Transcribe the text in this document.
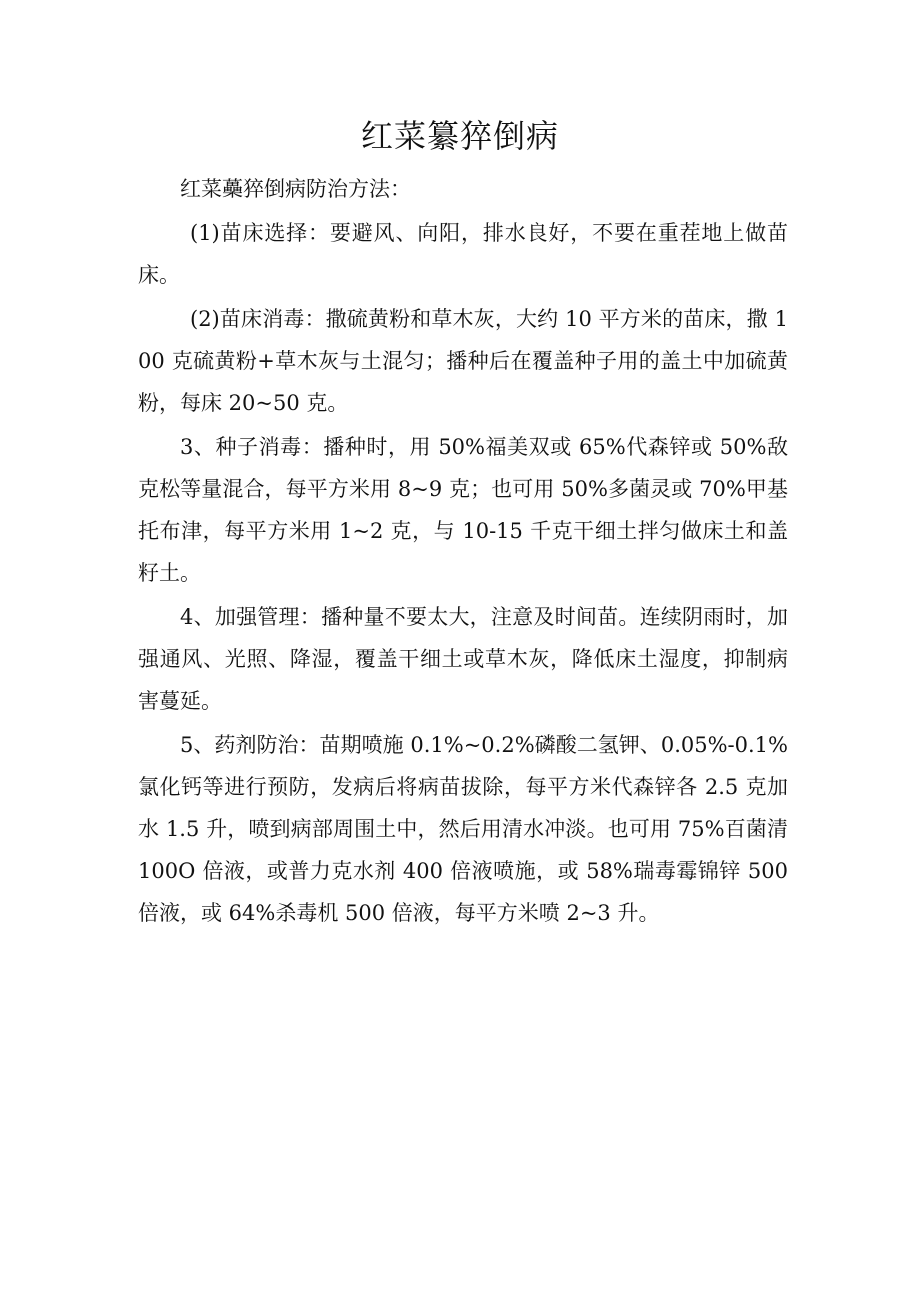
红菜纂猝倒病

红菜蘽猝倒病防治方法：

(1)苗床选择：要避风、向阳，排水良好，不要在重茬地上做苗床。

(2)苗床消毒：撒硫黄粉和草木灰，大约 10 平方米的苗床，撒 100 克硫黄粉+草木灰与土混匀；播种后在覆盖种子用的盖土中加硫黄粉，每床 20~50 克。

3、种子消毒：播种时，用 50%福美双或 65%代森锌或 50%敌克松等量混合，每平方米用 8~9 克；也可用 50%多菌灵或 70%甲基托布津，每平方米用 1~2 克，与 10-15 千克干细土拌匀做床土和盖籽土。

4、加强管理：播种量不要太大，注意及时间苗。连续阴雨时，加强通风、光照、降湿，覆盖干细土或草木灰，降低床土湿度，抑制病害蔓延。

5、药剂防治：苗期喷施 0.1%~0.2%磷酸二氢钾、0.05%-0.1%氯化钙等进行预防，发病后将病苗拔除，每平方米代森锌各 2.5 克加水 1.5 升，喷到病部周围土中，然后用清水冲淡。也可用 75%百菌清 100O 倍液，或普力克水剂 400 倍液喷施，或 58%瑞毒霉锦锌 500 倍液，或 64%杀毒机 500 倍液，每平方米喷 2~3 升。
